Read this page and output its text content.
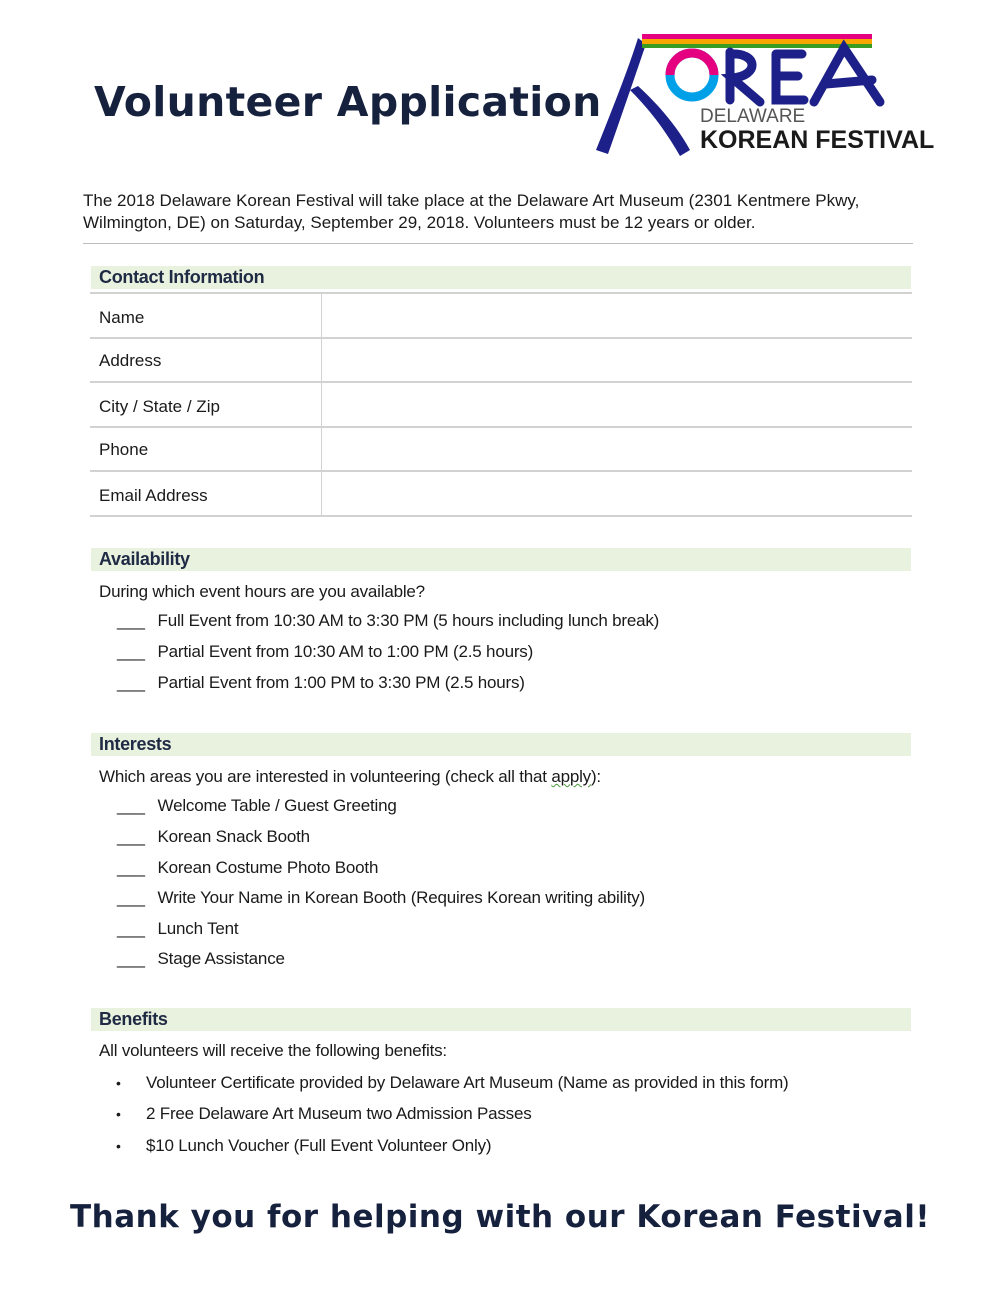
Volunteer Application	DELAWARE
KOREAN FESTIVAL

The 2018 Delaware Korean Festival will take place at the Delaware Art Museum (2301 Kentmere Pkwy, Wilmington, DE) on Saturday, September 29, 2018. Volunteers must be 12 years or older.

Contact Information
Name
Address
City / State / Zip
Phone
Email Address
Availability

During which event hours are you available?

___ Full Event from 10:30 AM to 3:30 PM (5 hours including lunch break)
___ Partial Event from 10:30 AM to 1:00 PM (2.5 hours)
___ Partial Event from 1:00 PM to 3:30 PM (2.5 hours)
Interests

Which areas you are interested in volunteering (check all that apply):

___ Welcome Table / Guest Greeting
___ Korean Snack Booth
___ Korean Costume Photo Booth
___ Write Your Name in Korean Booth (Requires Korean writing ability)
___ Lunch Tent
___ Stage Assistance
Benefits

All volunteers will receive the following benefits:

• Volunteer Certificate provided by Delaware Art Museum (Name as provided in this form)
• 2 Free Delaware Art Museum two Admission Passes
• $10 Lunch Voucher (Full Event Volunteer Only)

Thank you for helping with our Korean Festival!
